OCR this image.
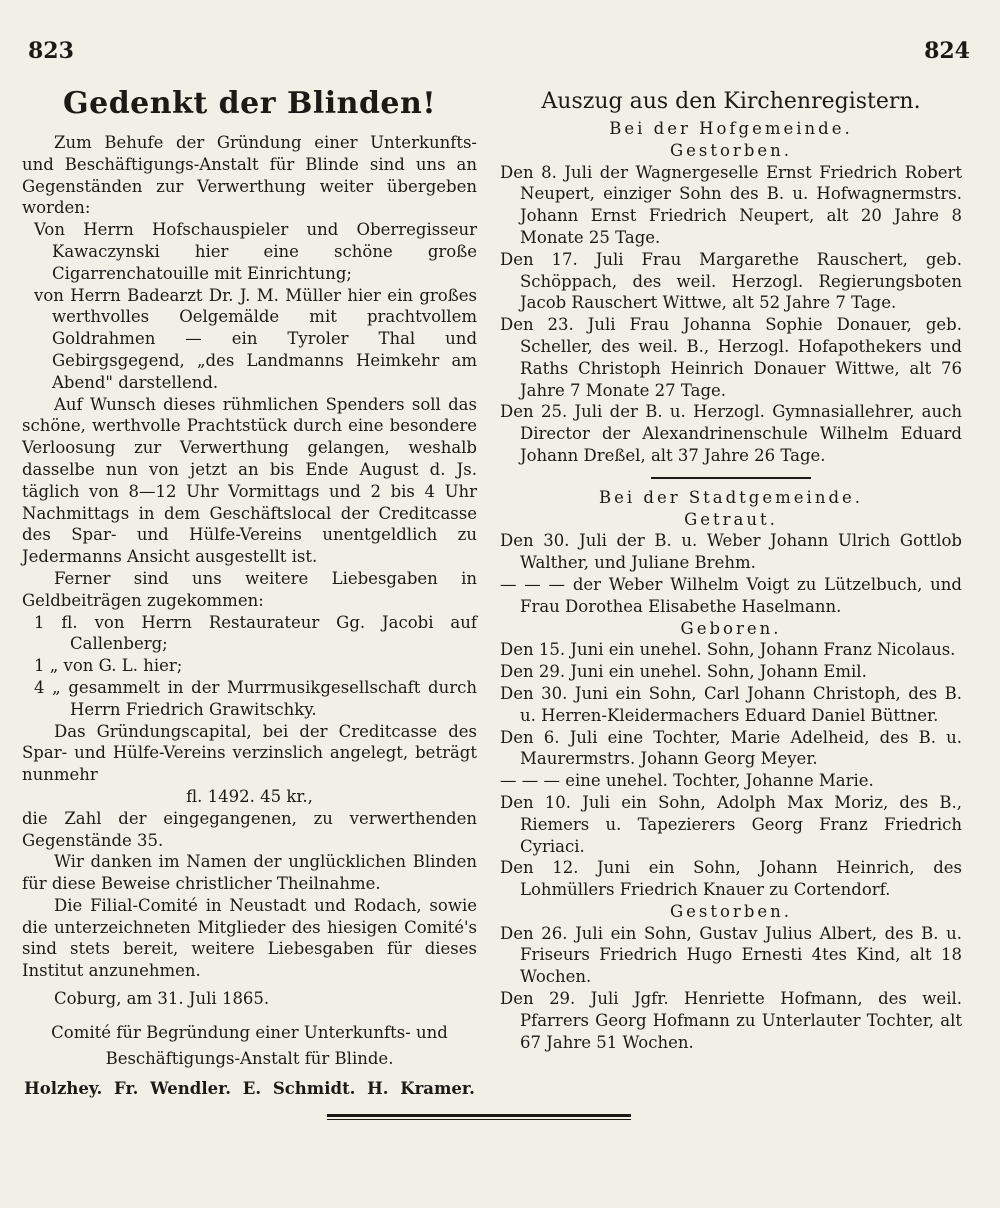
823	824
Gedenkt der Blinden!

Zum Behufe der Gründung einer Unterkunfts- und Beschäftigungs-Anstalt für Blinde sind uns an Gegenständen zur Verwerthung weiter übergeben worden:

Von Herrn Hofschauspieler und Oberregisseur Kawaczynski hier eine schöne große Cigarrenchatouille mit Einrichtung;

von Herrn Badearzt Dr. J. M. Müller hier ein großes werthvolles Oelgemälde mit prachtvollem Goldrahmen — ein Tyroler Thal und Gebirgsgegend, „des Landmanns Heimkehr am Abend" darstellend.

Auf Wunsch dieses rühmlichen Spenders soll das schöne, werthvolle Prachtstück durch eine besondere Verloosung zur Verwerthung gelangen, weshalb dasselbe nun von jetzt an bis Ende August d. Js. täglich von 8—12 Uhr Vormittags und 2 bis 4 Uhr Nachmittags in dem Geschäftslocal der Creditcasse des Spar- und Hülfe-Vereins unentgeldlich zu Jedermanns Ansicht ausgestellt ist.

Ferner sind uns weitere Liebesgaben in Geldbeiträgen zugekommen:

1 fl. von Herrn Restaurateur Gg. Jacobi auf Callenberg;

1 „ von G. L. hier;

4 „ gesammelt in der Murrmusikgesellschaft durch Herrn Friedrich Grawitschky.

Das Gründungscapital, bei der Creditcasse des Spar- und Hülfe-Vereins verzinslich angelegt, beträgt nunmehr

fl. 1492. 45 kr.,

die Zahl der eingegangenen, zu verwerthenden Gegenstände 35.

Wir danken im Namen der unglücklichen Blinden für diese Beweise christlicher Theilnahme.

Die Filial-Comité in Neustadt und Rodach, sowie die unterzeichneten Mitglieder des hiesigen Comité's sind stets bereit, weitere Liebesgaben für dieses Institut anzunehmen.

Coburg, am 31. Juli 1865.

Comité für Begründung einer Unterkunfts- und Beschäftigungs-Anstalt für Blinde.

Holzhey. Fr. Wendler. E. Schmidt. H. Kramer.

Auszug aus den Kirchenregistern.

Bei der Hofgemeinde.

Gestorben.

Den 8. Juli der Wagnergeselle Ernst Friedrich Robert Neupert, einziger Sohn des B. u. Hofwagnermstrs. Johann Ernst Friedrich Neupert, alt 20 Jahre 8 Monate 25 Tage.

Den 17. Juli Frau Margarethe Rauschert, geb. Schöppach, des weil. Herzogl. Regierungsboten Jacob Rauschert Wittwe, alt 52 Jahre 7 Tage.

Den 23. Juli Frau Johanna Sophie Donauer, geb. Scheller, des weil. B., Herzogl. Hofapothekers und Raths Christoph Heinrich Donauer Wittwe, alt 76 Jahre 7 Monate 27 Tage.

Den 25. Juli der B. u. Herzogl. Gymnasiallehrer, auch Director der Alexandrinenschule Wilhelm Eduard Johann Dreßel, alt 37 Jahre 26 Tage.

Bei der Stadtgemeinde.

Getraut.

Den 30. Juli der B. u. Weber Johann Ulrich Gottlob Walther, und Juliane Brehm.

— — — der Weber Wilhelm Voigt zu Lützelbuch, und Frau Dorothea Elisabethe Haselmann.

Geboren.

Den 15. Juni ein unehel. Sohn, Johann Franz Nicolaus.

Den 29. Juni ein unehel. Sohn, Johann Emil.

Den 30. Juni ein Sohn, Carl Johann Christoph, des B. u. Herren-Kleidermachers Eduard Daniel Büttner.

Den 6. Juli eine Tochter, Marie Adelheid, des B. u. Maurermstrs. Johann Georg Meyer.

— — — eine unehel. Tochter, Johanne Marie.

Den 10. Juli ein Sohn, Adolph Max Moriz, des B., Riemers u. Tapezierers Georg Franz Friedrich Cyriaci.

Den 12. Juni ein Sohn, Johann Heinrich, des Lohmüllers Friedrich Knauer zu Cortendorf.

Gestorben.

Den 26. Juli ein Sohn, Gustav Julius Albert, des B. u. Friseurs Friedrich Hugo Ernesti 4tes Kind, alt 18 Wochen.

Den 29. Juli Jgfr. Henriette Hofmann, des weil. Pfarrers Georg Hofmann zu Unterlauter Tochter, alt 67 Jahre 51 Wochen.
